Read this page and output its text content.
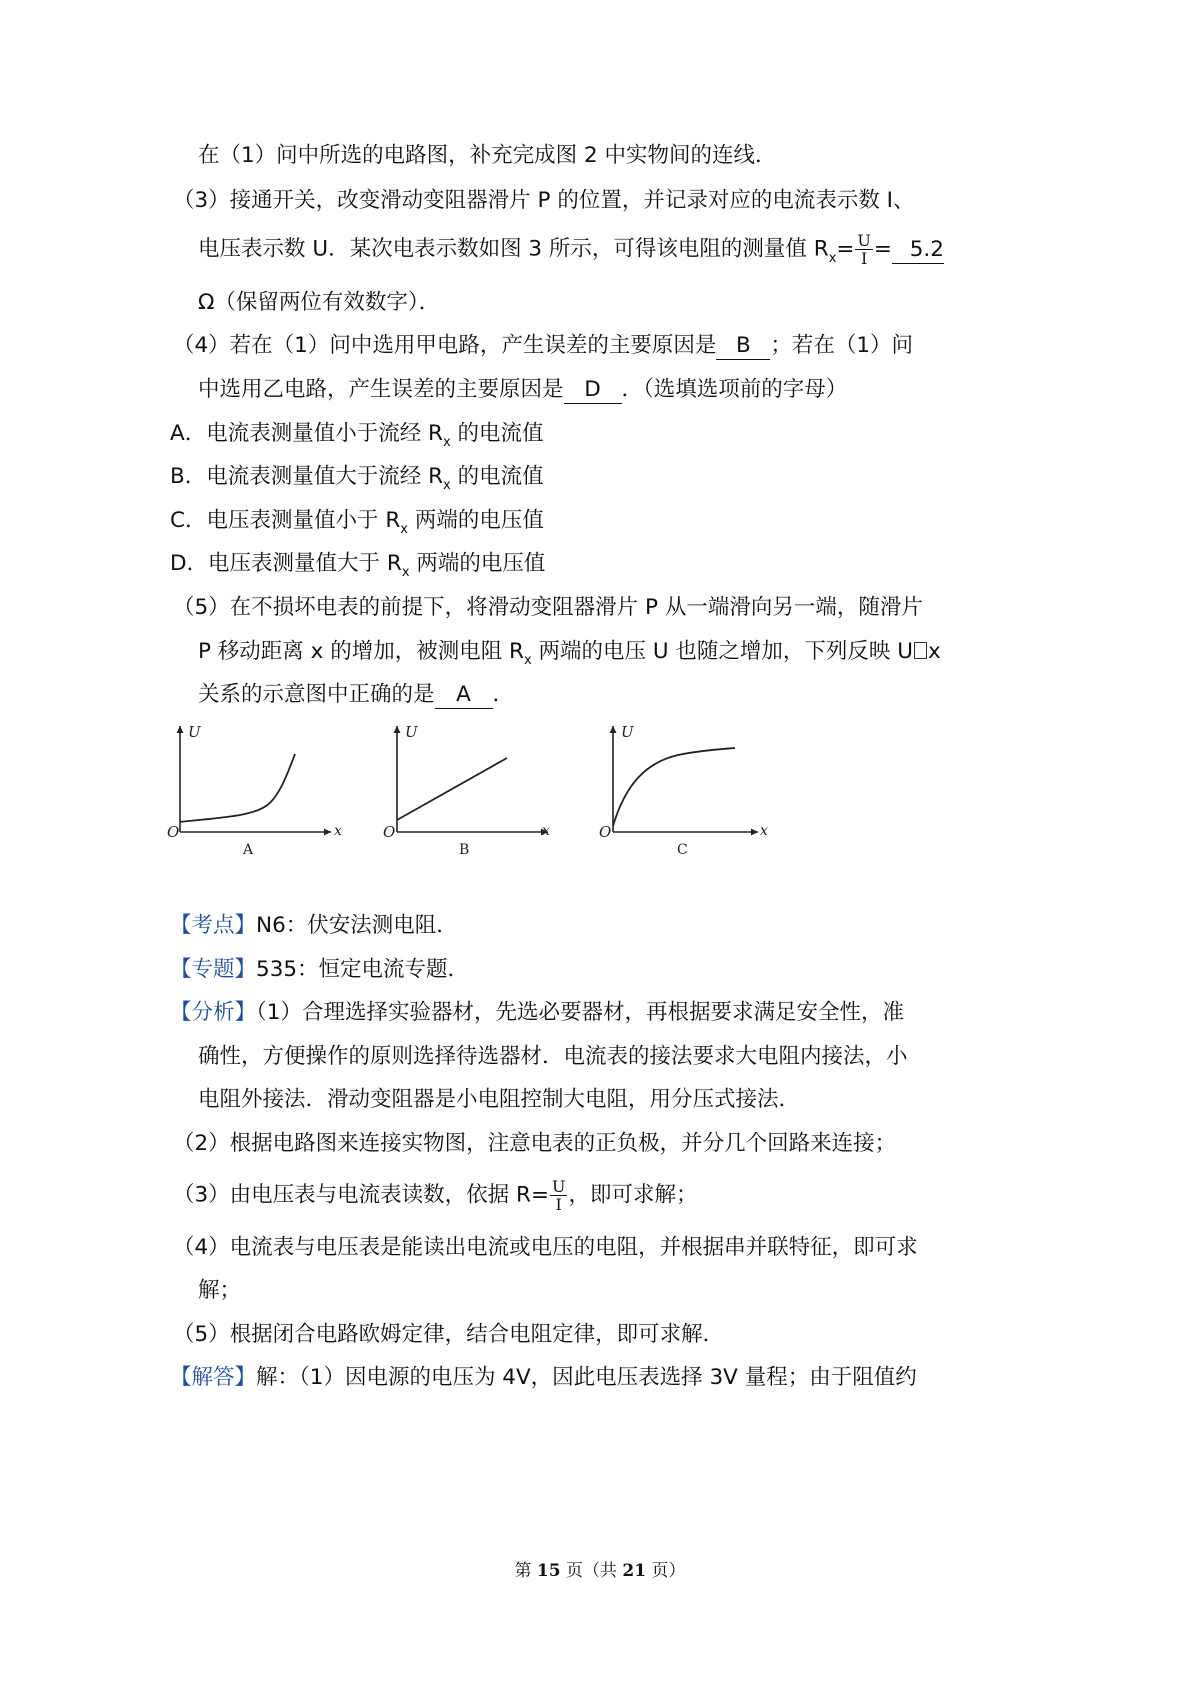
在（1）问中所选的电路图，补充完成图 2 中实物间的连线．
（3）接通开关，改变滑动变阻器滑片 P 的位置，并记录对应的电流表示数 I、
电压表示数 U．某次电表示数如图 3 所示，可得该电阻的测量值 $R_x= \frac{U}{I} = 5.2$
Ω（保留两位有效数字）．
（4）若在（1）问中选用甲电路，产生误差的主要原因是 B ；若在（1）问
中选用乙电路，产生误差的主要原因是 D ．（选填选项前的字母）
A．电流表测量值小于流经 $R_x$ 的电流值
B．电流表测量值大于流经 $R_x$ 的电流值
C．电压表测量值小于 $R_x$ 两端的电压值
D．电压表测量值大于 $R_x$ 两端的电压值
（5）在不损坏电表的前提下，将滑动变阻器滑片 P 从一端滑向另一端，随滑片
P 移动距离 x 的增加，被测电阻 $R_x$ 两端的电压 U 也随之增加，下列反映 U x
关系的示意图中正确的是 A ．
U
x
O
A
U
x
O
B
U
x
O
C
【考点】N6：伏安法测电阻．
【专题】535：恒定电流专题．
【分析】（1）合理选择实验器材，先选必要器材，再根据要求满足安全性，准
确性，方便操作的原则选择待选器材．电流表的接法要求大电阻内接法，小
电阻外接法．滑动变阻器是小电阻控制大电阻，用分压式接法．
（2）根据电路图来连接实物图，注意电表的正负极，并分几个回路来连接；
（3）由电压表与电流表读数，依据 $R= \frac{U}{I}$ ，即可求解；
（4）电流表与电压表是能读出电流或电压的电阻，并根据串并联特征，即可求
解；
（5）根据闭合电路欧姆定律，结合电阻定律，即可求解．
【解答】解：（1）因电源的电压为 4V，因此电压表选择 3V 量程；由于阻值约
第 15 页（共 21 页）
